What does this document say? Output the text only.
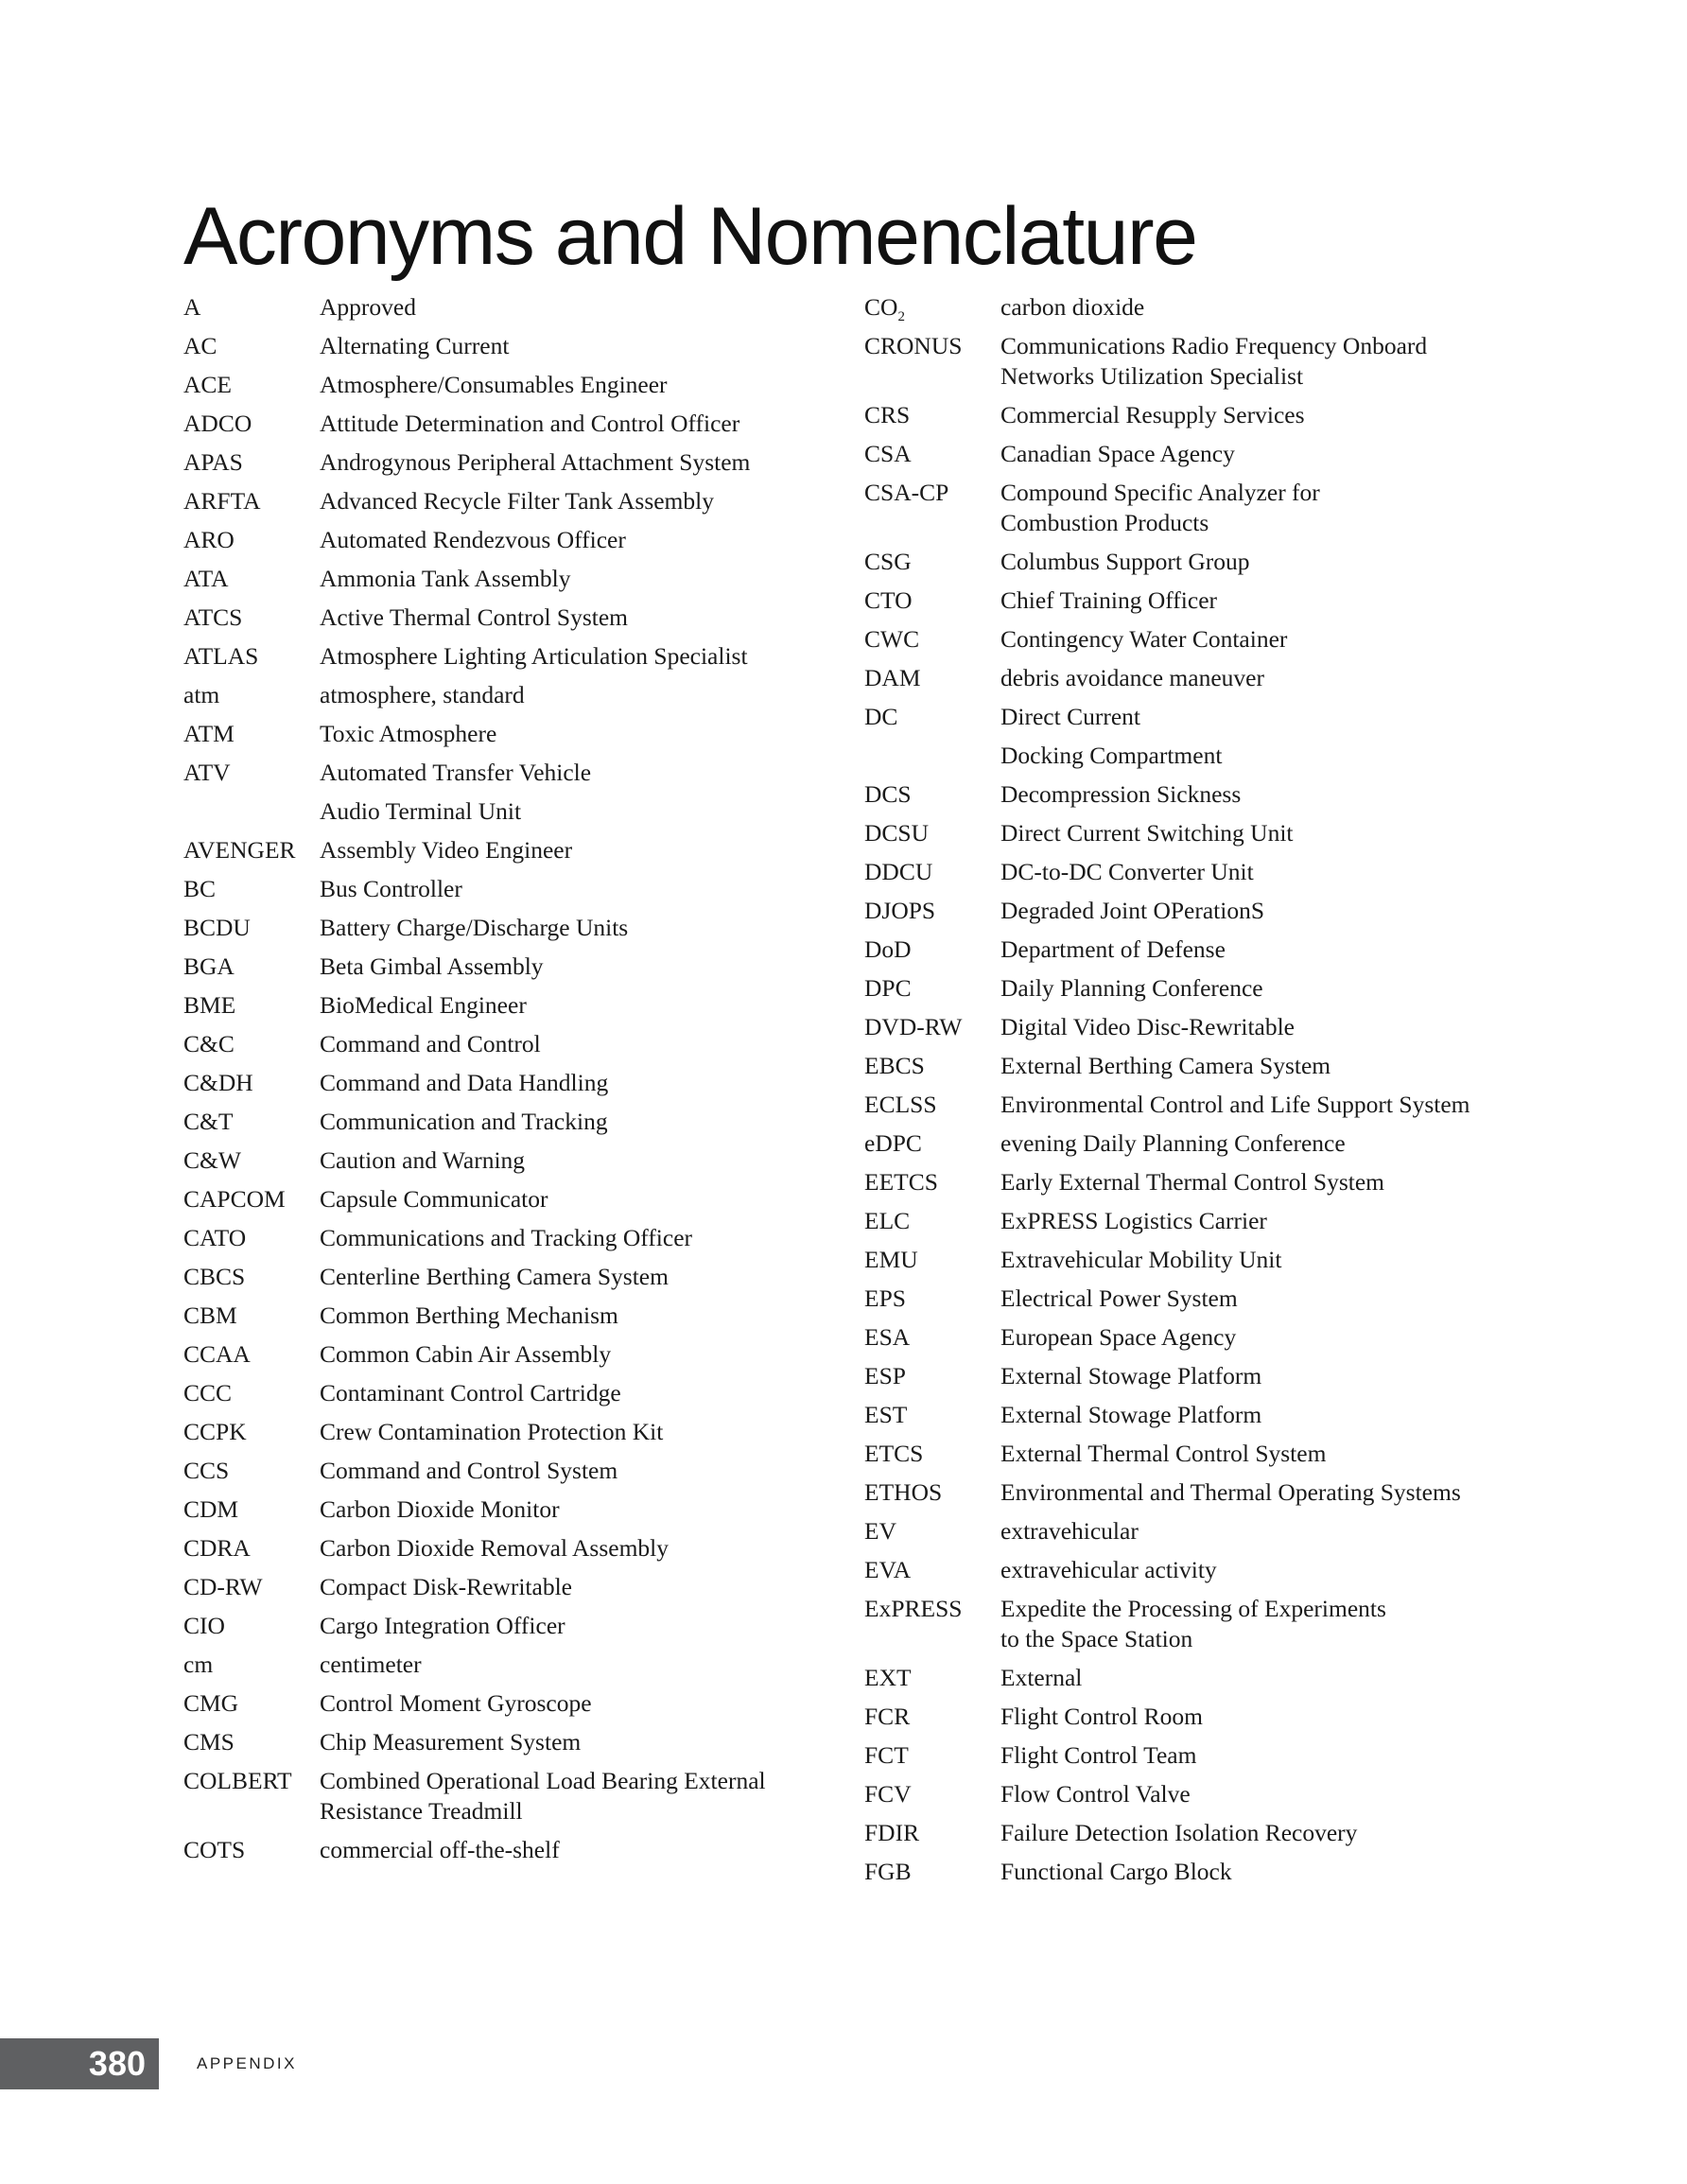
Acronyms and Nomenclature
A	Approved
AC	Alternating Current
ACE	Atmosphere/Consumables Engineer
ADCO	Attitude Determination and Control Officer
APAS	Androgynous Peripheral Attachment System
ARFTA	Advanced Recycle Filter Tank Assembly
ARO	Automated Rendezvous Officer
ATA	Ammonia Tank Assembly
ATCS	Active Thermal Control System
ATLAS	Atmosphere Lighting Articulation Specialist
atm	atmosphere, standard
ATM	Toxic Atmosphere
ATV	Automated Transfer Vehicle
Audio Terminal Unit
AVENGER Assembly Video Engineer
BC	Bus Controller
BCDU	Battery Charge/Discharge Units
BGA	Beta Gimbal Assembly
BME	BioMedical Engineer
C&C	Command and Control
C&DH	Command and Data Handling
C&T	Communication and Tracking
C&W	Caution and Warning
CAPCOM	Capsule Communicator
CATO	Communications and Tracking Officer
CBCS	Centerline Berthing Camera System
CBM	Common Berthing Mechanism
CCAA	Common Cabin Air Assembly
CCC	Contaminant Control Cartridge
CCPK	Crew Contamination Protection Kit
CCS	Command and Control System
CDM	Carbon Dioxide Monitor
CDRA	Carbon Dioxide Removal Assembly
CD-RW	Compact Disk-Rewritable
CIO	Cargo Integration Officer
cm	centimeter
CMG	Control Moment Gyroscope
CMS	Chip Measurement System
COLBERT	Combined Operational Load Bearing External
Resistance Treadmill
COTS	commercial off-the-shelf
$CO_2$	carbon dioxide
CRONUS	Communications Radio Frequency Onboard
Networks Utilization Specialist
CRS	Commercial Resupply Services
CSA	Canadian Space Agency
CSA-CP	Compound Specific Analyzer for
Combustion Products
CSG	Columbus Support Group
CTO	Chief Training Officer
CWC	Contingency Water Container
DAM	debris avoidance maneuver
DC	Direct Current
Docking Compartment
DCS	Decompression Sickness
DCSU	Direct Current Switching Unit
DDCU	DC-to-DC Converter Unit
DJOPS	Degraded Joint OPerationS
DoD	Department of Defense
DPC	Daily Planning Conference
DVD-RW	Digital Video Disc-Rewritable
EBCS	External Berthing Camera System
ECLSS	Environmental Control and Life Support System
eDPC	evening Daily Planning Conference
EETCS	Early External Thermal Control System
ELC	ExPRESS Logistics Carrier
EMU	Extravehicular Mobility Unit
EPS	Electrical Power System
ESA	European Space Agency
ESP	External Stowage Platform
EST	External Stowage Platform
ETCS	External Thermal Control System
ETHOS	Environmental and Thermal Operating Systems
EV	extravehicular
EVA	extravehicular activity
ExPRESS	Expedite the Processing of Experiments
to the Space Station
EXT	External
FCR	Flight Control Room
FCT	Flight Control Team
FCV	Flow Control Valve
FDIR	Failure Detection Isolation Recovery
FGB	Functional Cargo Block
380	APPENDIX
